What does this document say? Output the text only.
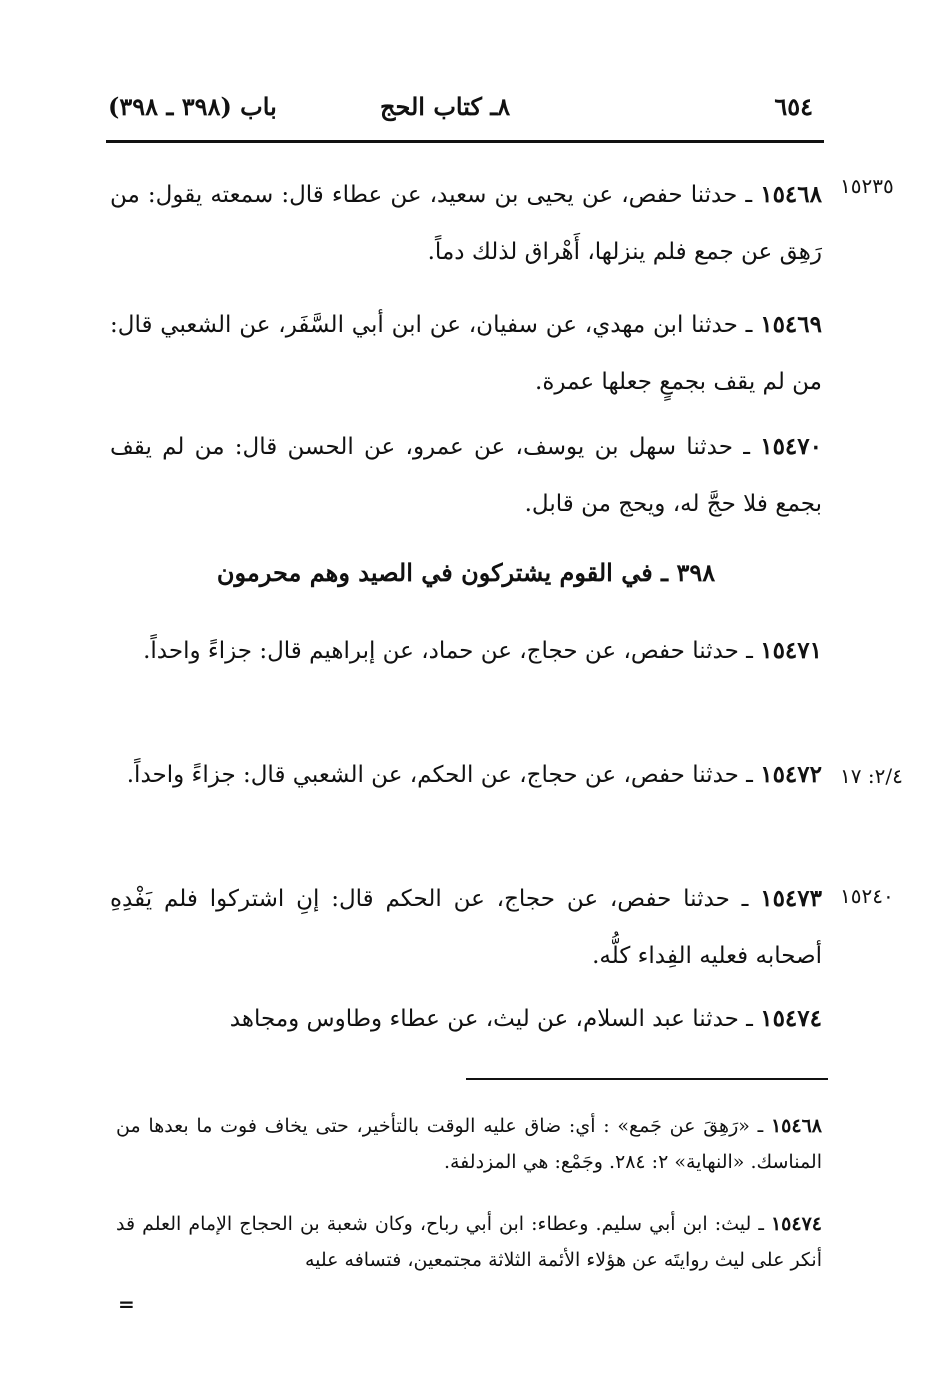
٦٥٤
٨ـ كتاب الحج
باب (٣٩٨ ـ ٣٩٨)
١٥٢٣٥
٢/٤: ١٧
١٥٢٤٠
١٥٤٦٨ ـ حدثنا حفص، عن يحيى بن سعيد، عن عطاء قال: سمعته يقول: من رَهِق عن جمع فلم ينزلها، أَهْراق لذلك دماً.
١٥٤٦٩ ـ حدثنا ابن مهدي، عن سفيان، عن ابن أبي السَّفَر، عن الشعبي قال: من لم يقف بجمعٍ جعلها عمرة.
١٥٤٧٠ ـ حدثنا سهل بن يوسف، عن عمرو، عن الحسن قال: من لم يقف بجمع فلا حجَّ له، ويحج من قابل.
٣٩٨ ـ في القوم يشتركون في الصيد وهم محرمون
١٥٤٧١ ـ حدثنا حفص، عن حجاج، عن حماد، عن إبراهيم قال: جزاءً واحداً.
١٥٤٧٢ ـ حدثنا حفص، عن حجاج، عن الحكم، عن الشعبي قال: جزاءً واحداً.
١٥٤٧٣ ـ حدثنا حفص، عن حجاج، عن الحكم قال: إنِ اشتركوا فلم يَفْدِهِ أصحابه فعليه الفِداء كلُّه.
١٥٤٧٤ ـ حدثنا عبد السلام، عن ليث، عن عطاء وطاوس ومجاهد
١٥٤٦٨ ـ «رَهِقَ عن جَمع» : أي: ضاق عليه الوقت بالتأخير، حتى يخاف فوت ما بعدها من المناسك. «النهاية» ٢: ٢٨٤. وجَمْع: هي المزدلفة.
١٥٤٧٤ ـ ليث: ابن أبي سليم. وعطاء: ابن أبي رباح، وكان شعبة بن الحجاج الإمام العلم قد أنكر على ليث روايتَه عن هؤلاء الأئمة الثلاثة مجتمعين، فتسافه عليه
=
